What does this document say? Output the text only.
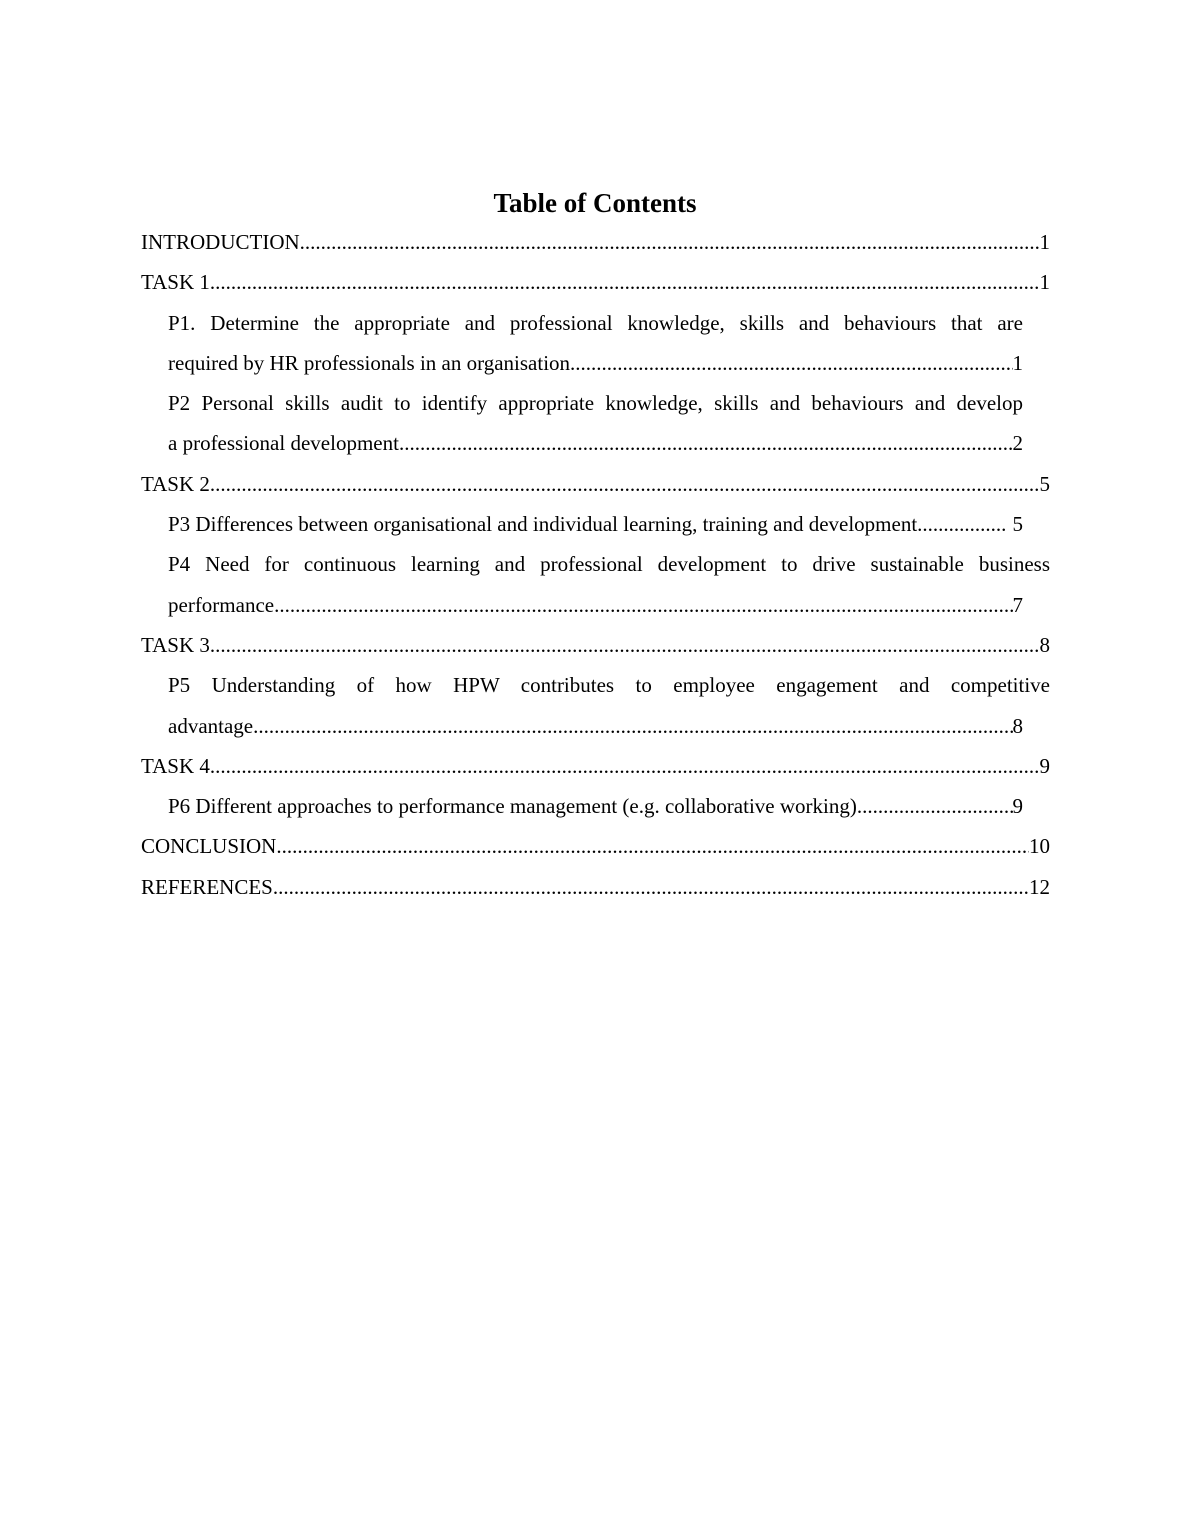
Table of Contents
INTRODUCTION .....	1
TASK 1 .....	1
P1. Determine the appropriate and professional knowledge, skills and behaviours that are
required by HR professionals in an organisation .....	1
P2 Personal skills audit to identify appropriate knowledge, skills and behaviours and develop
a professional development .....	2
TASK 2 .....	5
P3 Differences between organisational and individual learning, training and development. .....	5
P4 Need for continuous learning and professional development to drive sustainable business
performance .....	7
TASK 3 .....	8
P5 Understanding of how HPW contributes to employee engagement and competitive
advantage .....	8
TASK 4 .....	9
P6 Different approaches to performance management (e.g. collaborative working) .....	9
CONCLUSION .....	10
REFERENCES .....	12
